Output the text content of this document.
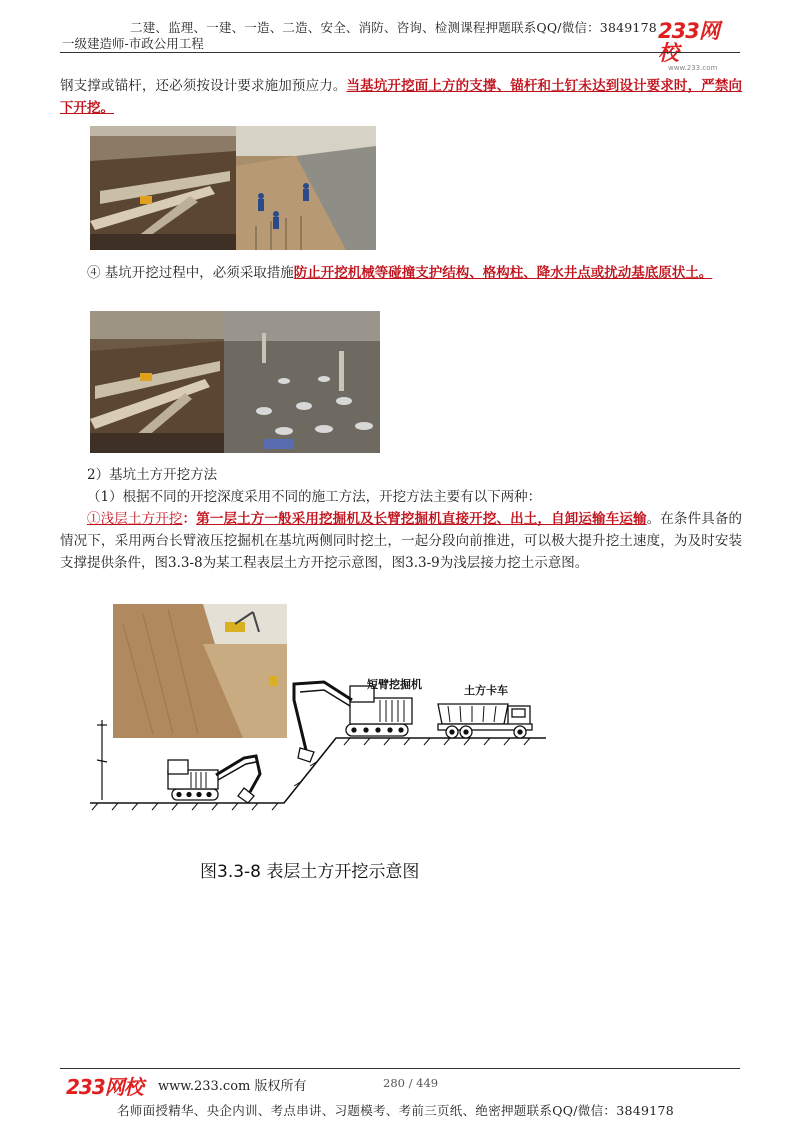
二建、监理、一建、一造、二造、安全、消防、咨询、检测课程押题联系QQ/微信：3849178
一级建造师-市政公用工程
233网校
www.233.com
钢支撑或锚杆，还必须按设计要求施加预应力。当基坑开挖面上方的支撑、锚杆和土钉未达到设计要求时，严禁向下开挖。
④ 基坑开挖过程中，必须采取措施防止开挖机械等碰撞支护结构、格构柱、降水井点或扰动基底原状土。
2）基坑土方开挖方法
（1）根据不同的开挖深度采用不同的施工方法，开挖方法主要有以下两种：
①浅层土方开挖：第一层土方一般采用挖掘机及长臂挖掘机直接开挖、出土，自卸运输车运输。在条件具备的情况下，采用两台长臂液压挖掘机在基坑两侧同时挖土，一起分段向前推进，可以极大提升挖土速度，为及时安装支撑提供条件，图3.3-8为某工程表层土方开挖示意图，图3.3-9为浅层接力挖土示意图。
短臂挖掘机	土方卡车
图3.3-8 表层土方开挖示意图
233网校 www.233.com 版权所有	280 / 449
名师面授精华、央企内训、考点串讲、习题模考、考前三页纸、绝密押题联系QQ/微信：3849178
